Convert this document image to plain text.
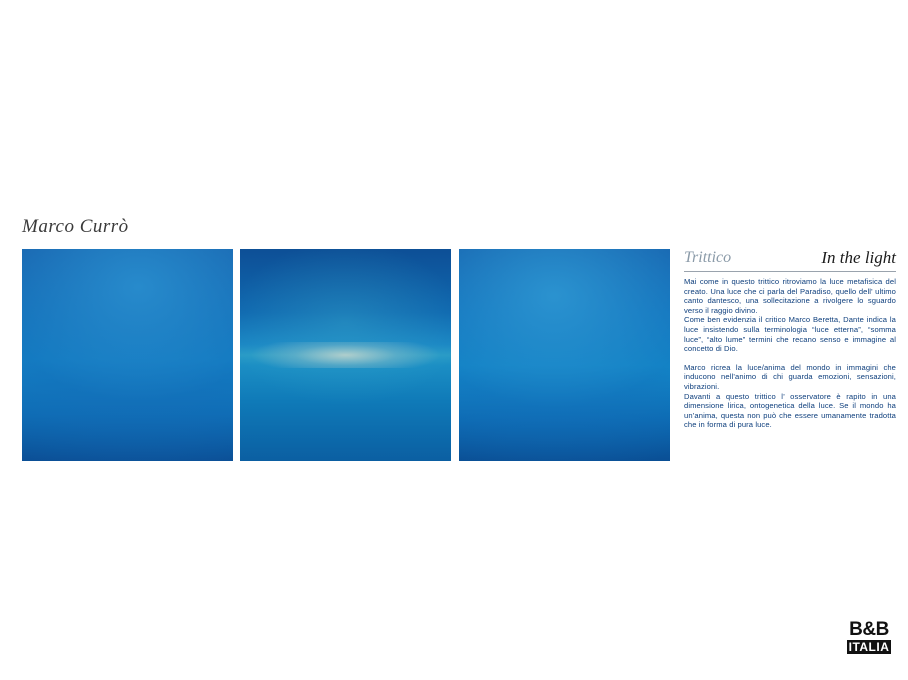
Marco Currò
Trittico	In the light

Mai come in questo trittico ritroviamo la luce metafisica del creato. Una luce che ci parla del Paradiso, quello dell' ultimo canto dantesco, una sollecitazione a rivolgere lo sguardo verso il raggio divino.

Come ben evidenzia il critico Marco Beretta, Dante indica la luce insistendo sulla terminologia “luce etterna”, “somma luce”, “alto lume” termini che recano senso e immagine al concetto di Dio.

Marco ricrea la luce/anima del mondo in immagini che inducono nell’animo di chi guarda emozioni, sensazioni, vibrazioni.

Davanti a questo trittico l’ osservatore è rapito in una dimensione lirica, ontogenetica della luce. Se il mondo ha un’anima, questa non può che essere umanamente tradotta che in forma di pura luce.

B&B
ITALIA
